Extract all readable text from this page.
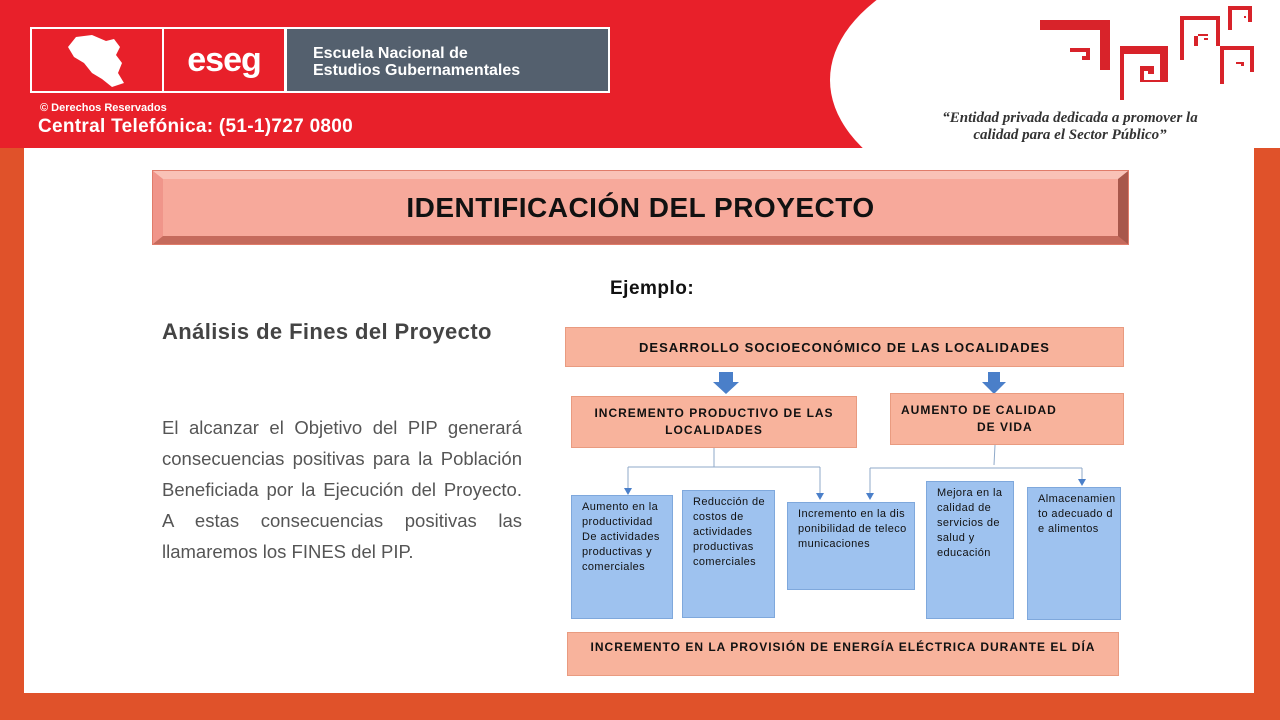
eseg	Escuela Nacional de
Estudios Gubernamentales
© Derechos Reservados
Central Telefónica: (51-1)727 0800	“Entidad privada dedicada a promover la
calidad para el Sector Público”
IDENTIFICACIÓN DEL PROYECTO
Ejemplo:
Análisis de Fines del Proyecto
El alcanzar el Objetivo del PIP generará consecuencias positivas para la Población Beneficiada por la Ejecución del Proyecto. A estas consecuencias positivas las llamaremos los FINES del PIP.
DESARROLLO SOCIOECONÓMICO DE LAS LOCALIDADES
INCREMENTO PRODUCTIVO DE LAS LOCALIDADES
AUMENTO DE CALIDAD
DE VIDA
Aumento en la productividad De actividades productivas y comerciales
Reducción de costos de actividades productivas comerciales
Incremento en la disponibilidad de telecomunicaciones
Mejora en la calidad de servicios de salud y educación
Almacenamiento adecuado de alimentos
INCREMENTO EN LA PROVISIÓN DE ENERGÍA ELÉCTRICA DURANTE EL DÍA
